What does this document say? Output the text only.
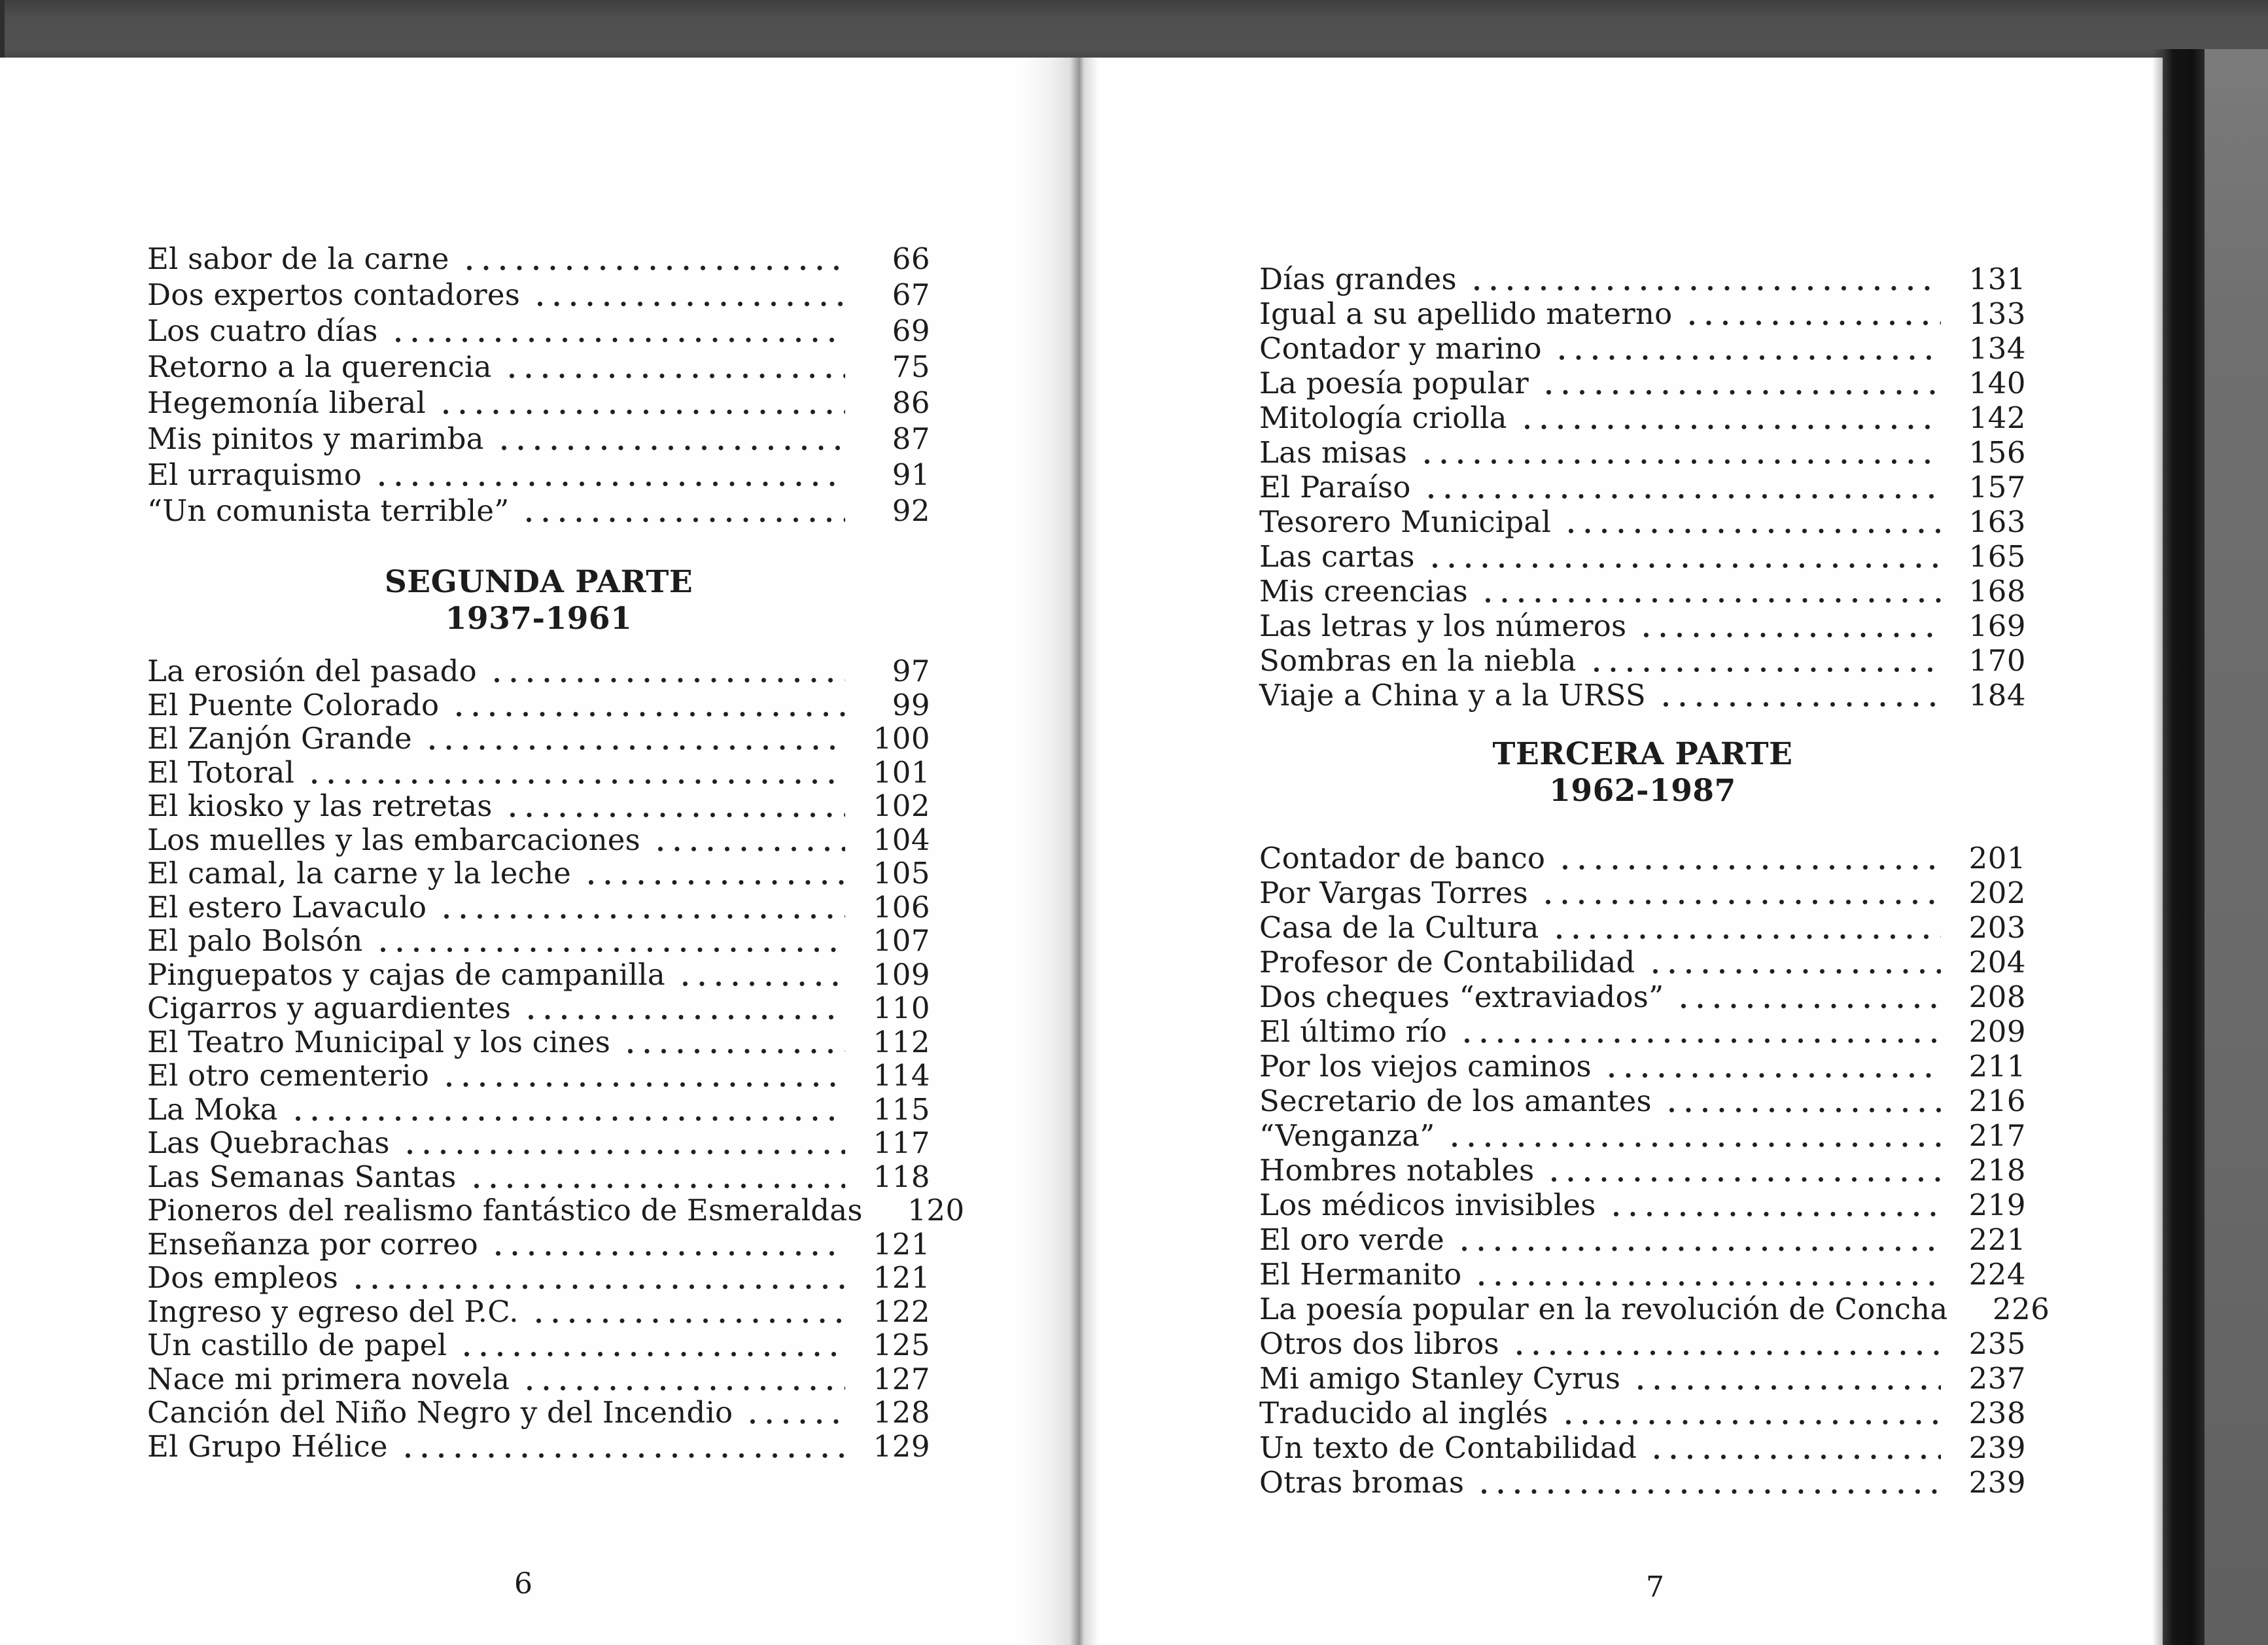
El sabor de la carne	66
Dos expertos contadores	67
Los cuatro días	69
Retorno a la querencia	75
Hegemonía liberal	86
Mis pinitos y marimba	87
El urraquismo	91
“Un comunista terrible”	92
SEGUNDA PARTE
1937-1961
La erosión del pasado	97
El Puente Colorado	99
El Zanjón Grande	100
El Totoral	101
El kiosko y las retretas	102
Los muelles y las embarcaciones	104
El camal, la carne y la leche	105
El estero Lavaculo	106
El palo Bolsón	107
Pinguepatos y cajas de campanilla	109
Cigarros y aguardientes	110
El Teatro Municipal y los cines	112
El otro cementerio	114
La Moka	115
Las Quebrachas	117
Las Semanas Santas	118
Pioneros del realismo fantástico de Esmeraldas	120
Enseñanza por correo	121
Dos empleos	121
Ingreso y egreso del P.C.	122
Un castillo de papel	125
Nace mi primera novela	127
Canción del Niño Negro y del Incendio	128
El Grupo Hélice	129
6
Días grandes	131
Igual a su apellido materno	133
Contador y marino	134
La poesía popular	140
Mitología criolla	142
Las misas	156
El Paraíso	157
Tesorero Municipal	163
Las cartas	165
Mis creencias	168
Las letras y los números	169
Sombras en la niebla	170
Viaje a China y a la URSS	184
TERCERA PARTE
1962-1987
Contador de banco	201
Por Vargas Torres	202
Casa de la Cultura	203
Profesor de Contabilidad	204
Dos cheques “extraviados”	208
El último río	209
Por los viejos caminos	211
Secretario de los amantes	216
“Venganza”	217
Hombres notables	218
Los médicos invisibles	219
El oro verde	221
El Hermanito	224
La poesía popular en la revolución de Concha	226
Otros dos libros	235
Mi amigo Stanley Cyrus	237
Traducido al inglés	238
Un texto de Contabilidad	239
Otras bromas	239
7
